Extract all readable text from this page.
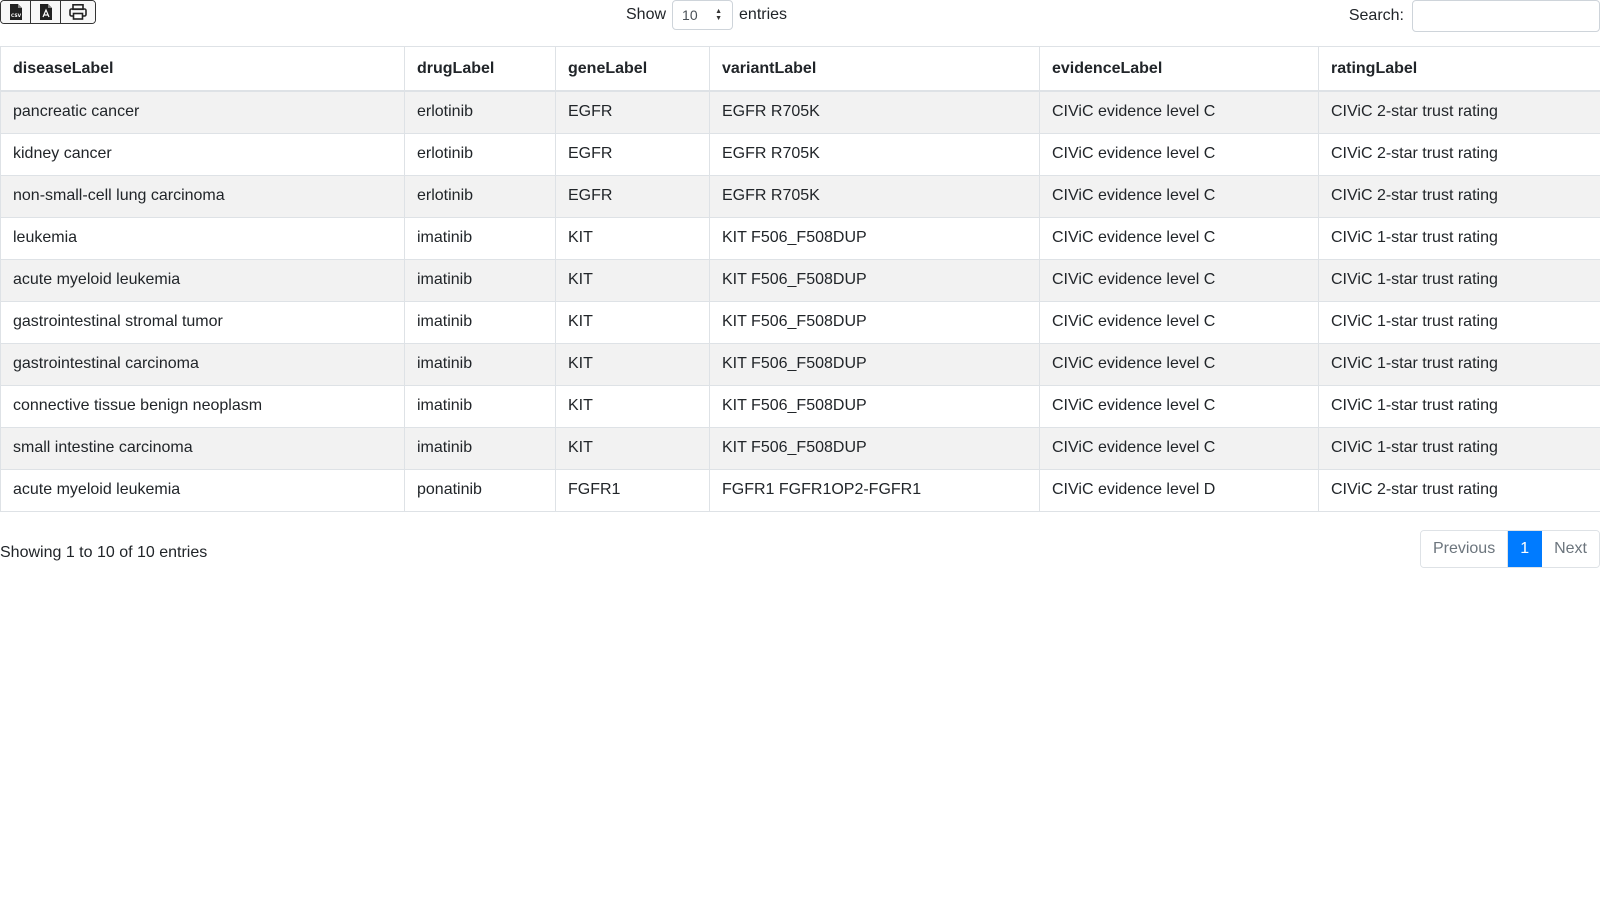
CSV	Show 10 ▲
▼ entries	Search:
diseaseLabel	drugLabel	geneLabel	variantLabel	evidenceLabel	ratingLabel
pancreatic cancer	erlotinib	EGFR	EGFR R705K	CIViC evidence level C	CIViC 2-star trust rating
kidney cancer	erlotinib	EGFR	EGFR R705K	CIViC evidence level C	CIViC 2-star trust rating
non-small-cell lung carcinoma	erlotinib	EGFR	EGFR R705K	CIViC evidence level C	CIViC 2-star trust rating
leukemia	imatinib	KIT	KIT F506_F508DUP	CIViC evidence level C	CIViC 1-star trust rating
acute myeloid leukemia	imatinib	KIT	KIT F506_F508DUP	CIViC evidence level C	CIViC 1-star trust rating
gastrointestinal stromal tumor	imatinib	KIT	KIT F506_F508DUP	CIViC evidence level C	CIViC 1-star trust rating
gastrointestinal carcinoma	imatinib	KIT	KIT F506_F508DUP	CIViC evidence level C	CIViC 1-star trust rating
connective tissue benign neoplasm	imatinib	KIT	KIT F506_F508DUP	CIViC evidence level C	CIViC 1-star trust rating
small intestine carcinoma	imatinib	KIT	KIT F506_F508DUP	CIViC evidence level C	CIViC 1-star trust rating
acute myeloid leukemia	ponatinib	FGFR1	FGFR1 FGFR1OP2-FGFR1	CIViC evidence level D	CIViC 2-star trust rating
Showing 1 to 10 of 10 entries	Previous	1	Next
